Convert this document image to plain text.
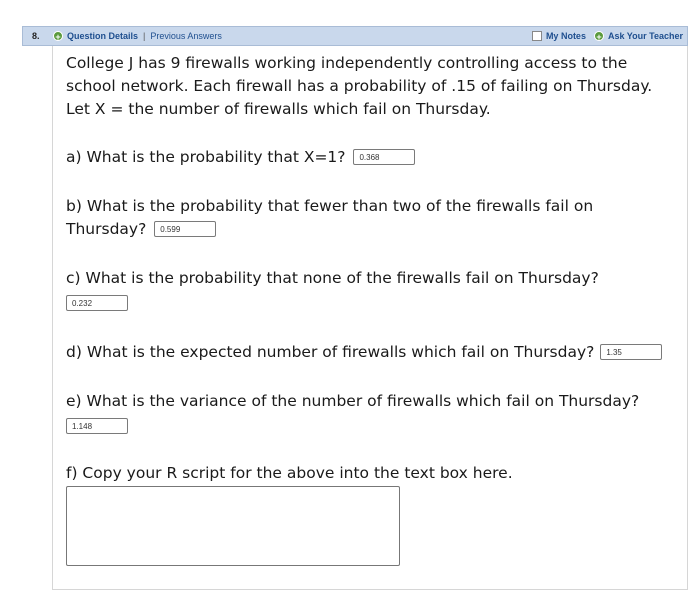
8.	+ Question Details | Previous Answers	My Notes + Ask Your Teacher
College J has 9 firewalls working independently controlling access to the
school network. Each firewall has a probability of .15 of failing on Thursday.
Let X = the number of firewalls which fail on Thursday.
a) What is the probability that X=1? 0.368
b) What is the probability that fewer than two of the firewalls fail on
Thursday? 0.599
c) What is the probability that none of the firewalls fail on Thursday?
0.232
d) What is the expected number of firewalls which fail on Thursday? 1.35
e) What is the variance of the number of firewalls which fail on Thursday?
1.148
f) Copy your R script for the above into the text box here.
